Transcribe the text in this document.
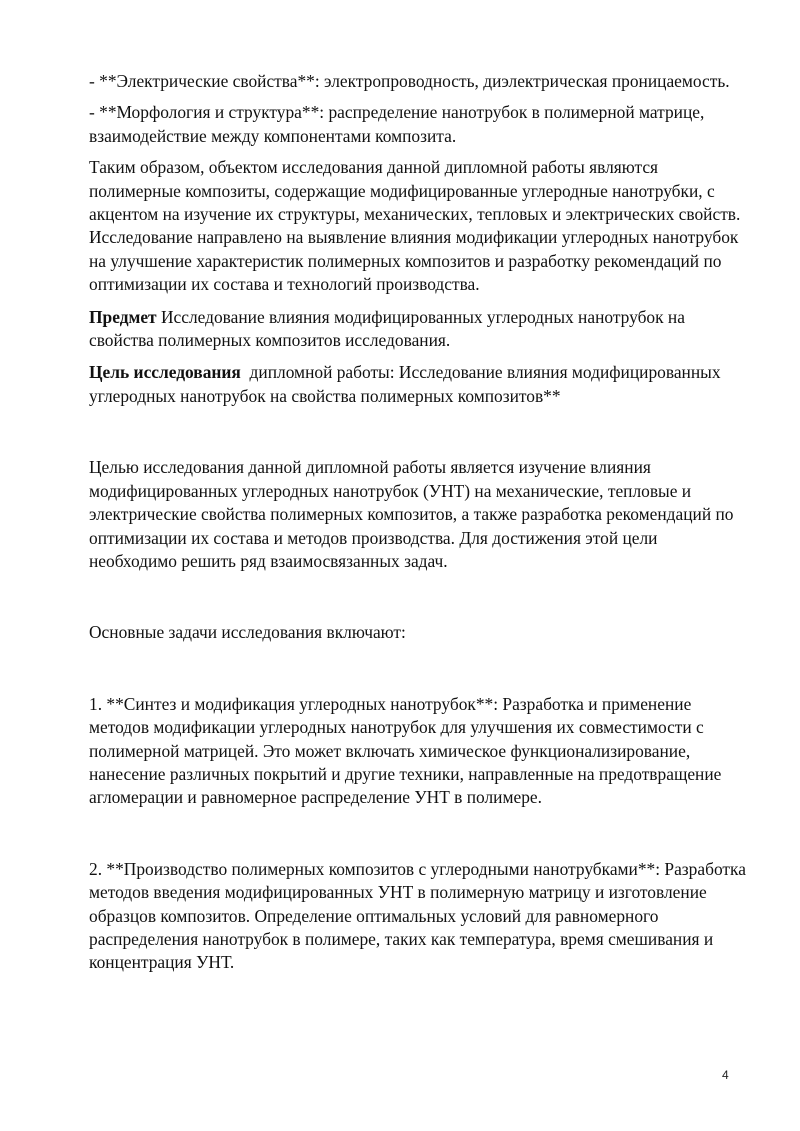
- **Электрические свойства**: электропроводность, диэлектрическая проницаемость.

- **Морфология и структура**: распределение нанотрубок в полимерной матрице, взаимодействие между компонентами композита.

Таким образом, объектом исследования данной дипломной работы являются полимерные композиты, содержащие модифицированные углеродные нанотрубки, с акцентом на изучение их структуры, механических, тепловых и электрических свойств. Исследование направлено на выявление влияния модификации углеродных нанотрубок на улучшение характеристик полимерных композитов и разработку рекомендаций по оптимизации их состава и технологий производства.

Предмет Исследование влияния модифицированных углеродных нанотрубок на свойства полимерных композитов исследования.

Цель исследования  дипломной работы: Исследование влияния модифицированных углеродных нанотрубок на свойства полимерных композитов**

Целью исследования данной дипломной работы является изучение влияния модифицированных углеродных нанотрубок (УНТ) на механические, тепловые и электрические свойства полимерных композитов, а также разработка рекомендаций по оптимизации их состава и методов производства. Для достижения этой цели необходимо решить ряд взаимосвязанных задач.

Основные задачи исследования включают:

1. **Синтез и модификация углеродных нанотрубок**: Разработка и применение методов модификации углеродных нанотрубок для улучшения их совместимости с полимерной матрицей. Это может включать химическое функционализирование, нанесение различных покрытий и другие техники, направленные на предотвращение агломерации и равномерное распределение УНТ в полимере.

2. **Производство полимерных композитов с углеродными нанотрубками**: Разработка методов введения модифицированных УНТ в полимерную матрицу и изготовление образцов композитов. Определение оптимальных условий для равномерного распределения нанотрубок в полимере, таких как температура, время смешивания и концентрация УНТ.

4
